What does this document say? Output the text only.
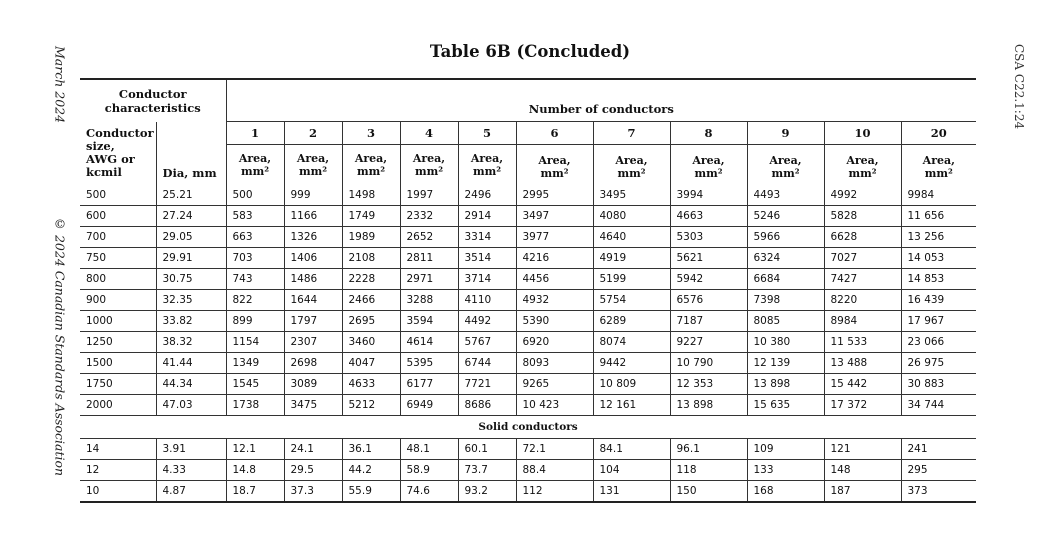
March 2024
© 2024 Canadian Standards Association
CSA C22.1:24
Table 6B (Concluded)
Conductor characteristics		Number of conductors										
Conductor size, AWG or kcmil	Dia, mm	1	2	3	4	5	6	7	8	9	10	20
		Area, mm²	Area, mm²	Area, mm²	Area, mm²	Area, mm²	Area, mm²	Area, mm²	Area, mm²	Area, mm²	Area, mm²	Area, mm²
500	25.21	500	999	1498	1997	2496	2995	3495	3994	4493	4992	9984
600	27.24	583	1166	1749	2332	2914	3497	4080	4663	5246	5828	11 656
700	29.05	663	1326	1989	2652	3314	3977	4640	5303	5966	6628	13 256
750	29.91	703	1406	2108	2811	3514	4216	4919	5621	6324	7027	14 053
800	30.75	743	1486	2228	2971	3714	4456	5199	5942	6684	7427	14 853
900	32.35	822	1644	2466	3288	4110	4932	5754	6576	7398	8220	16 439
1000	33.82	899	1797	2695	3594	4492	5390	6289	7187	8085	8984	17 967
1250	38.32	1154	2307	3460	4614	5767	6920	8074	9227	10 380	11 533	23 066
1500	41.44	1349	2698	4047	5395	6744	8093	9442	10 790	12 139	13 488	26 975
1750	44.34	1545	3089	4633	6177	7721	9265	10 809	12 353	13 898	15 442	30 883
2000	47.03	1738	3475	5212	6949	8686	10 423	12 161	13 898	15 635	17 372	34 744
Solid conductors												
14	3.91	12.1	24.1	36.1	48.1	60.1	72.1	84.1	96.1	109	121	241
12	4.33	14.8	29.5	44.2	58.9	73.7	88.4	104	118	133	148	295
10	4.87	18.7	37.3	55.9	74.6	93.2	112	131	150	168	187	373
